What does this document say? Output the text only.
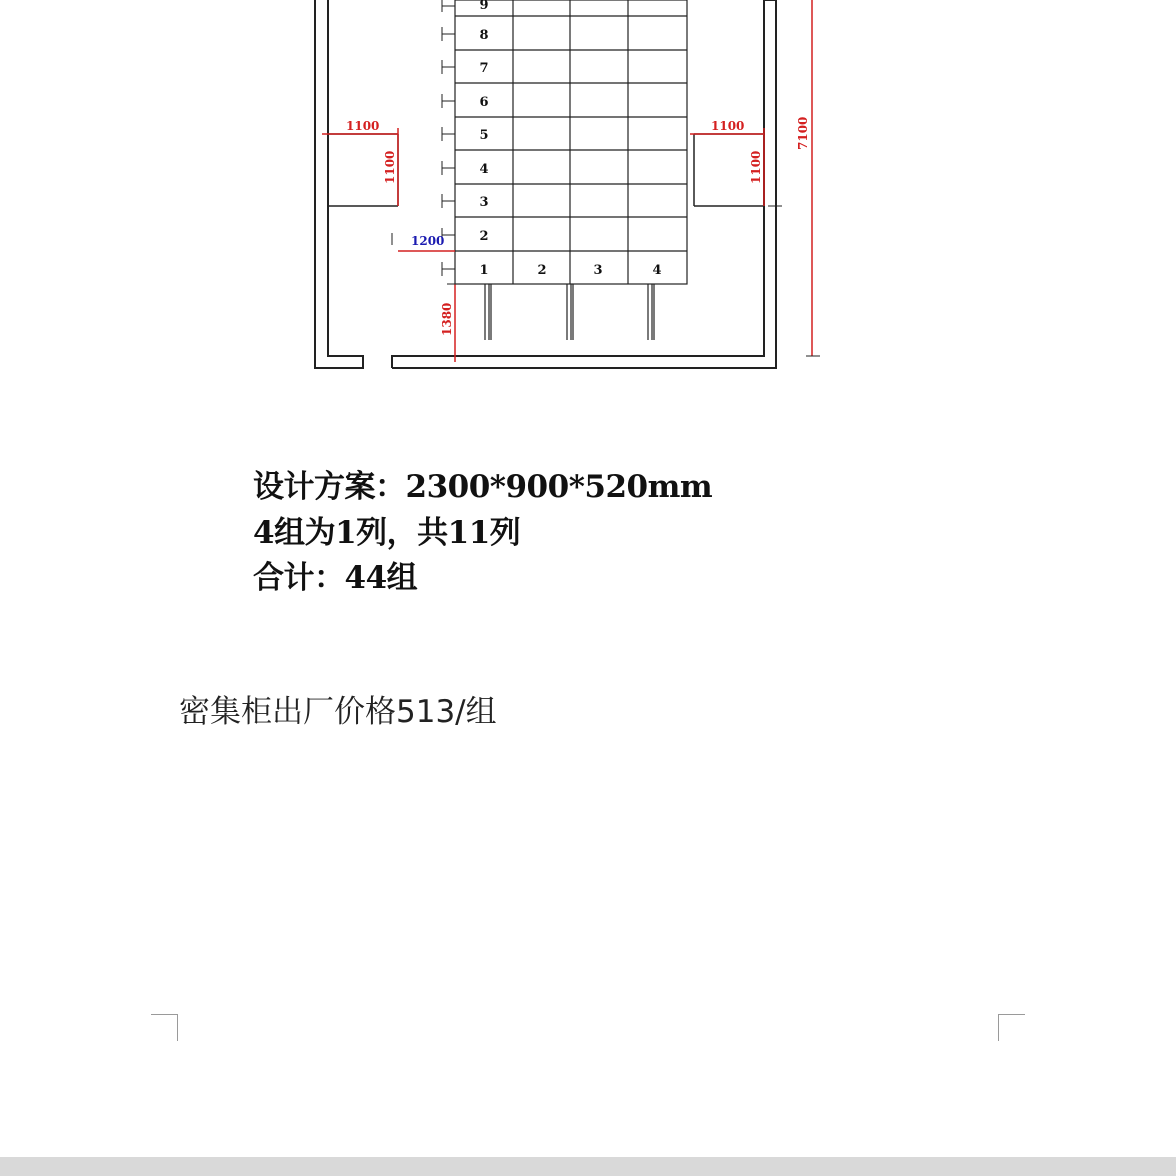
9
8
7
6
5
4
3
2
1	2	3	4
1100
1100
1100
1100
1380
7100
1200
设计方案：2300*900*520mm
4组为1列，共11列
合计：44组
密集柜出厂价格513/组
